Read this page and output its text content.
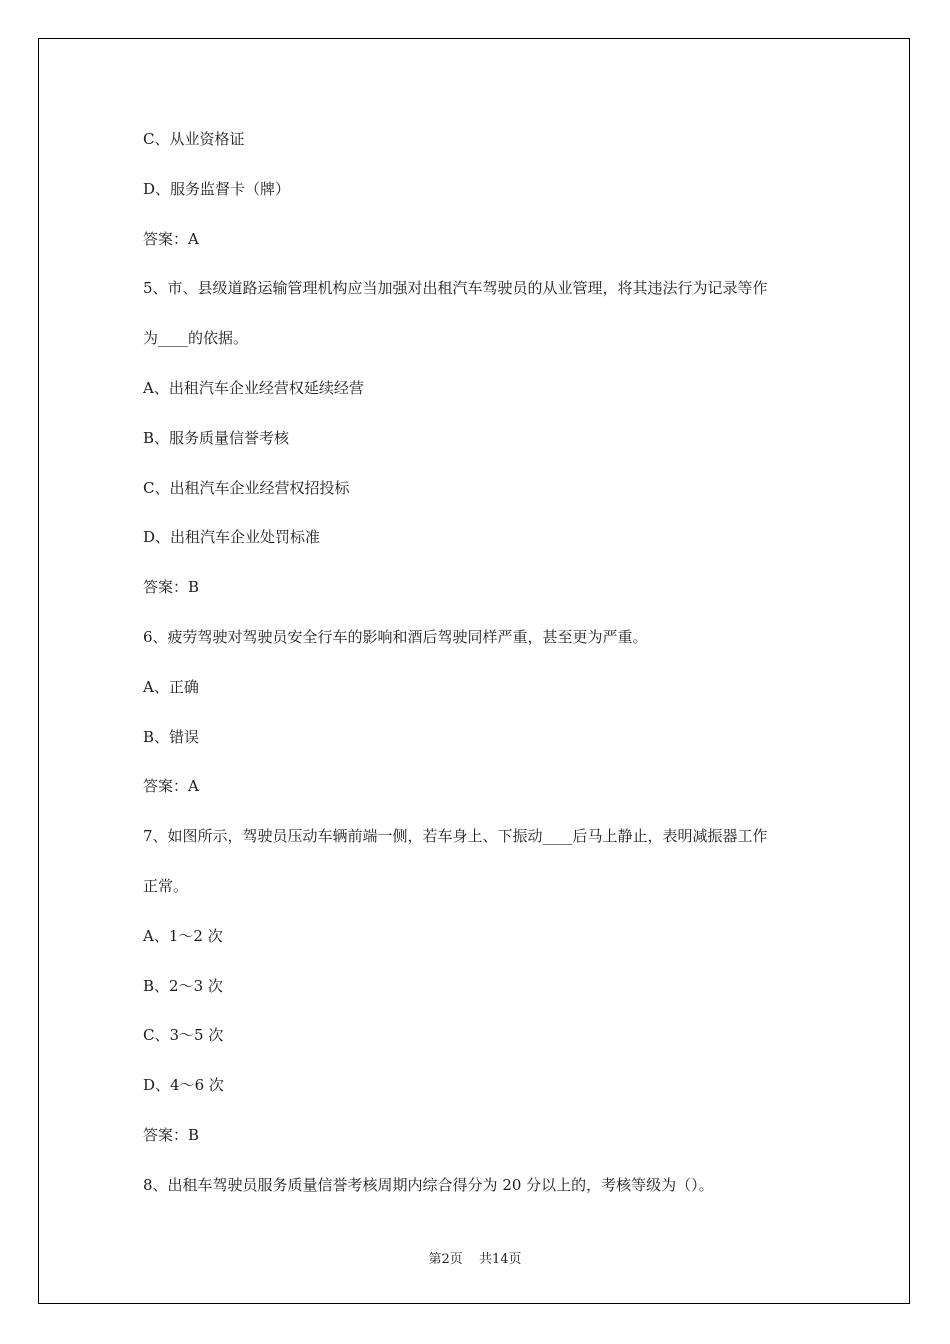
C、从业资格证
D、服务监督卡（牌）
答案：A
5、市、县级道路运输管理机构应当加强对出租汽车驾驶员的从业管理，将其违法行为记录等作
为____的依据。
A、出租汽车企业经营权延续经营
B、服务质量信誉考核
C、出租汽车企业经营权招投标
D、出租汽车企业处罚标准
答案：B
6、疲劳驾驶对驾驶员安全行车的影响和酒后驾驶同样严重，甚至更为严重。
A、正确
B、错误
答案：A
7、如图所示，驾驶员压动车辆前端一侧，若车身上、下振动____后马上静止，表明减振器工作
正常。
A、1～2 次
B、2～3 次
C、3～5 次
D、4～6 次
答案：B
8、出租车驾驶员服务质量信誉考核周期内综合得分为 20 分以上的，考核等级为（）。
第2页 共14页
